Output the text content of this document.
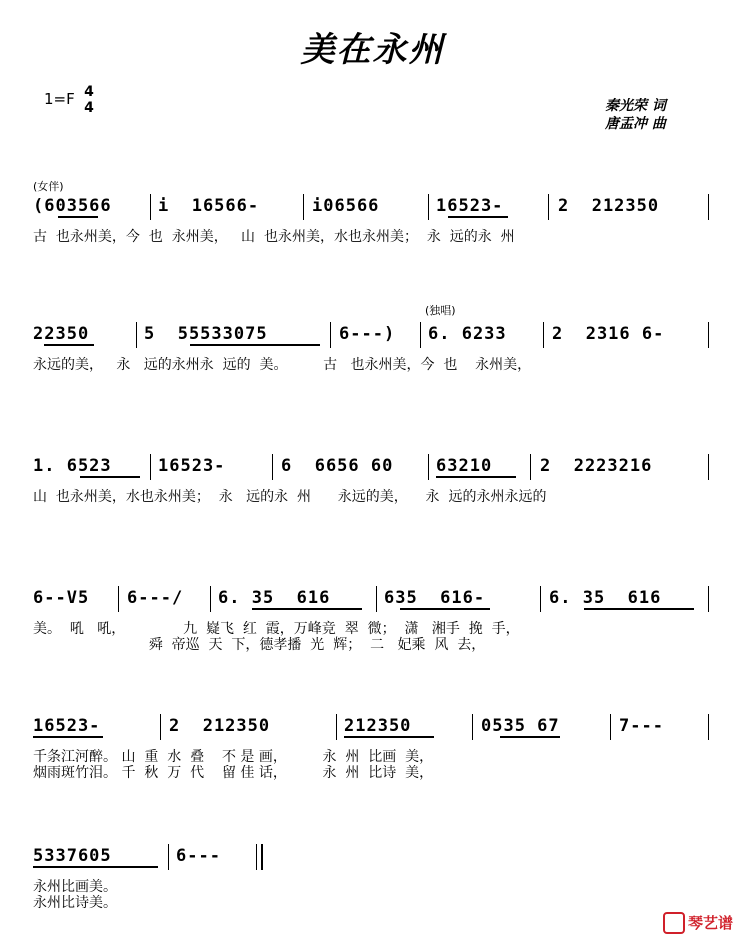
美在永州
1=F 4
4	秦光荣 词
唐盂冲 曲
(女伴)
(独唱)
(603566	i  16566-	i06566	16523-	2  212350
古  也永州美，今  也  永州美，   山  也永州美，水也永州美；  永  远的永  州
22350	5  55533075	6---) 6. 6233	2  2316 6-
永远的美，   永   远的永州永  远的  美。        古   也永州美，今  也    永州美，
1. 6523	16523-	6  6656 60	63210	2  2223216
山  也永州美，水也永州美；  永   远的永  州      永远的美，    永  远的永州永远的
6--V5 6---/ 6. 35  616	635  616-	6. 35  616
美。  吼   吼，             九  嶷飞  红  霞，万峰竞  翠  微；  潇   湘手  挽  手，
舜  帝巡  天  下，德孝播  光  辉；  二   妃乘  风  去，
16523-	2  212350	212350	0535 67	7---
千条江河醉。 山  重  水  叠    不 是 画，        永  州  比画  美，
烟雨斑竹泪。 千  秋  万  代    留 佳 话，        永  州  比诗  美，
5337605	6---
永州比画美。
永州比诗美。
琴艺谱
